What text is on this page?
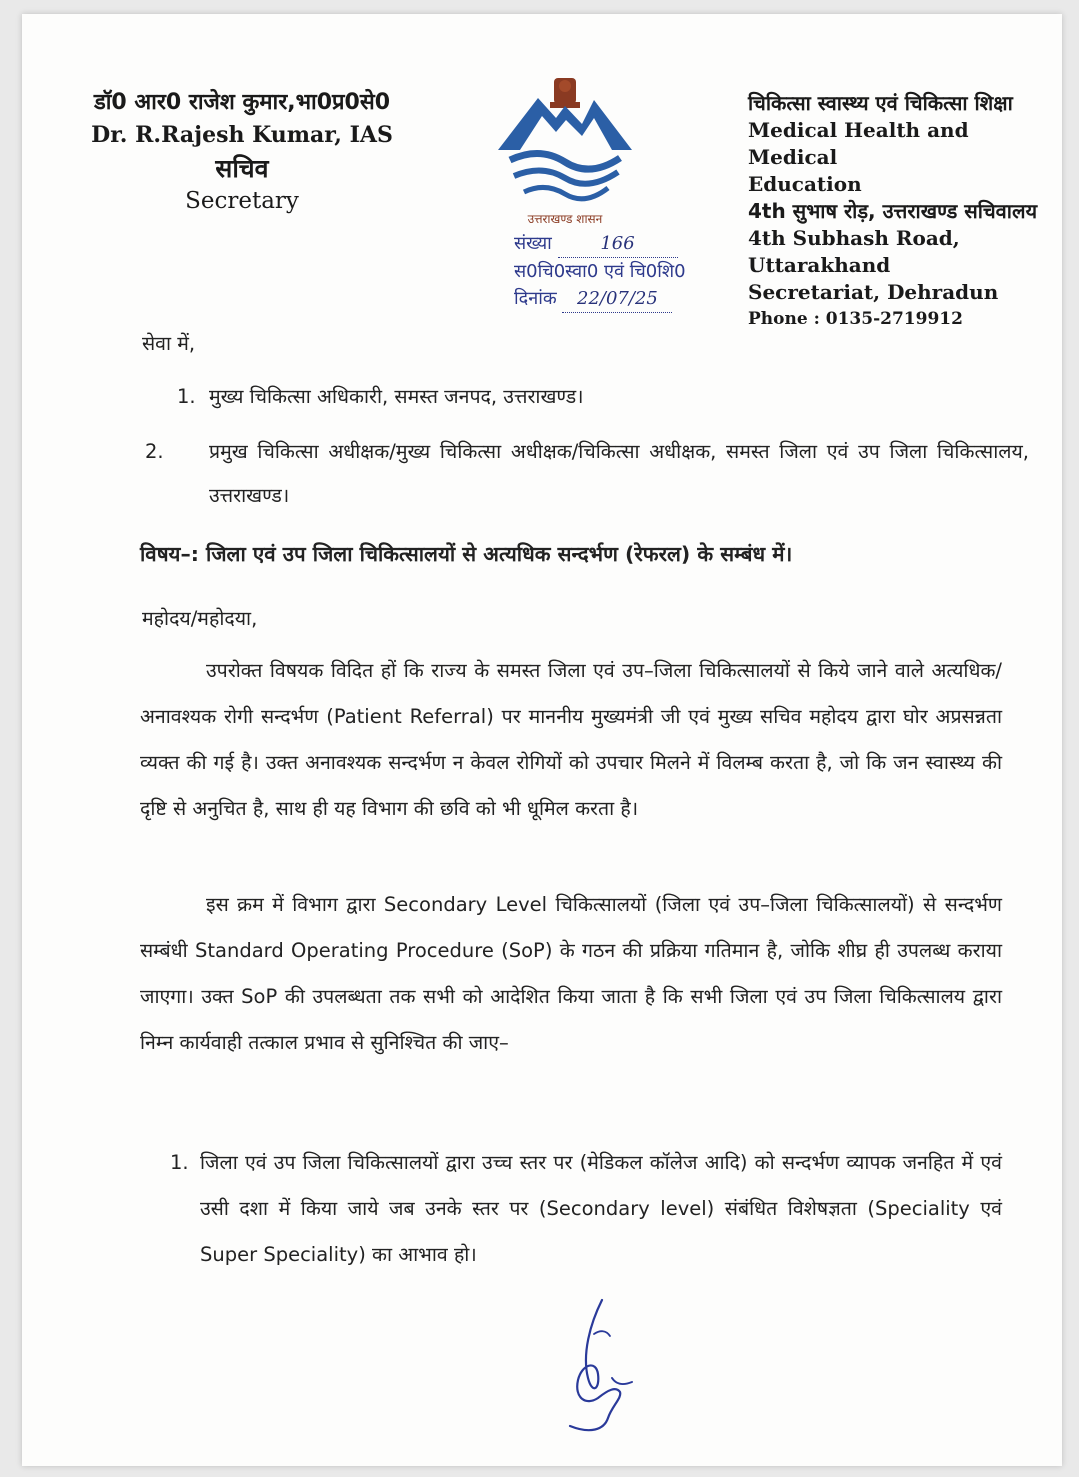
डॉ0 आर0 राजेश कुमार,भा0प्र0से0
Dr. R.Rajesh Kumar, IAS
सचिव
Secretary
उत्तराखण्ड शासन
चिकित्सा स्वास्थ्य एवं चिकित्सा शिक्षा
Medical Health and Medical
Education
4th सुभाष रोड़, उत्तराखण्ड सचिवालय
4th Subhash Road, Uttarakhand
Secretariat, Dehradun
Phone : 0135-2719912
संख्या	166
स0चि0स्वा0 एवं चि0शि0
दिनांक 22/07/25
सेवा में,
1. मुख्य चिकित्सा अधिकारी, समस्त जनपद, उत्तराखण्ड।
2. प्रमुख चिकित्सा अधीक्षक/मुख्य चिकित्सा अधीक्षक/चिकित्सा अधीक्षक, समस्त जिला एवं उप जिला चिकित्सालय, उत्तराखण्ड।
विषय–: जिला एवं उप जिला चिकित्सालयों से अत्यधिक सन्दर्भण (रेफरल) के सम्बंध में।
महोदय/महोदया,
उपरोक्त विषयक विदित हों कि राज्य के समस्त जिला एवं उप–जिला चिकित्सालयों से किये जाने वाले अत्यधिक/अनावश्यक रोगी सन्दर्भण (Patient Referral) पर माननीय मुख्यमंत्री जी एवं मुख्य सचिव महोदय द्वारा घोर अप्रसन्नता व्यक्त की गई है। उक्त अनावश्यक सन्दर्भण न केवल रोगियों को उपचार मिलने में विलम्ब करता है, जो कि जन स्वास्थ्य की दृष्टि से अनुचित है, साथ ही यह विभाग की छवि को भी धूमिल करता है।
इस क्रम में विभाग द्वारा Secondary Level चिकित्सालयों (जिला एवं उप–जिला चिकित्सालयों) से सन्दर्भण सम्बंधी Standard Operating Procedure (SoP) के गठन की प्रक्रिया गतिमान है, जोकि शीघ्र ही उपलब्ध कराया जाएगा। उक्त SoP की उपलब्धता तक सभी को आदेशित किया जाता है कि सभी जिला एवं उप जिला चिकित्सालय द्वारा निम्न कार्यवाही तत्काल प्रभाव से सुनिश्चित की जाए–
1. जिला एवं उप जिला चिकित्सालयों द्वारा उच्च स्तर पर (मेडिकल कॉलेज आदि) को सन्दर्भण व्यापक जनहित में एवं उसी दशा में किया जाये जब उनके स्तर पर (Secondary level) संबंधित विशेषज्ञता (Speciality एवं Super Speciality) का आभाव हो।
